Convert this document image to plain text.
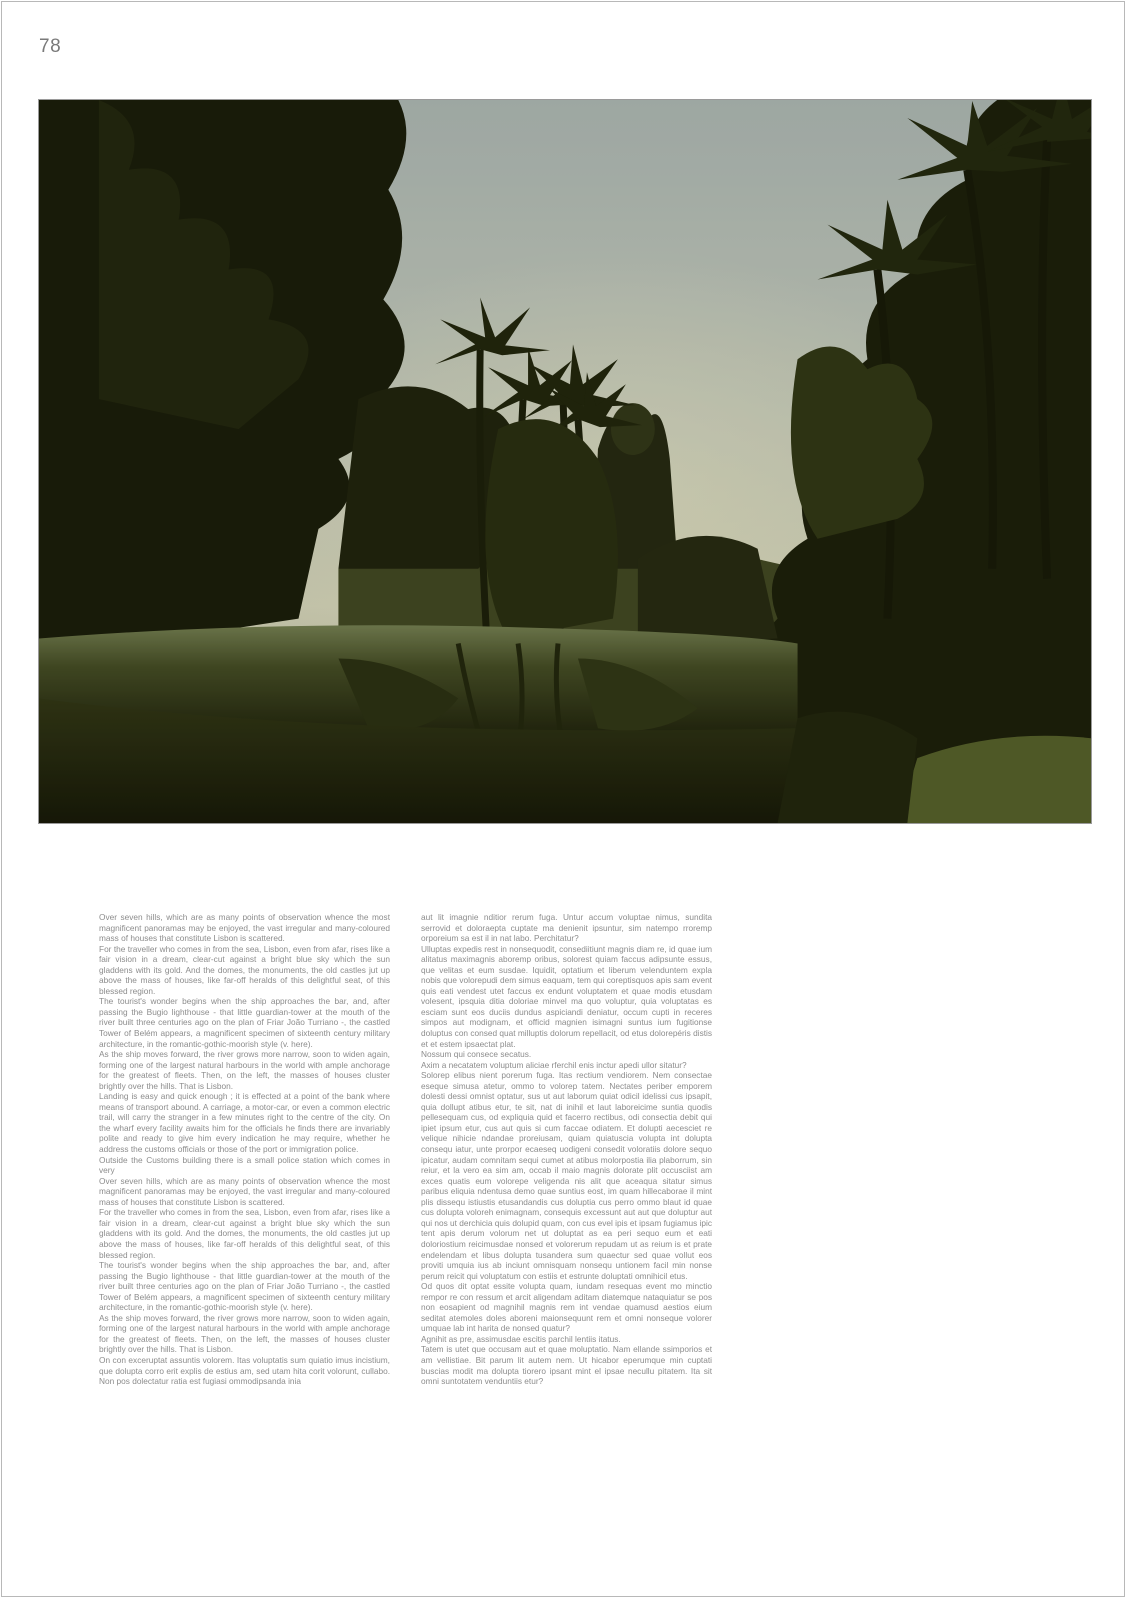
78

Over seven hills, which are as many points of observation whence the most magnificent panoramas may be enjoyed, the vast irregular and many-coloured mass of houses that constitute Lisbon is scattered.

For the traveller who comes in from the sea, Lisbon, even from afar, rises like a fair vision in a dream, clear-cut against a bright blue sky which the sun gladdens with its gold. And the domes, the monuments, the old castles jut up above the mass of houses, like far-off heralds of this delightful seat, of this blessed region.

The tourist's wonder begins when the ship approaches the bar, and, after passing the Bugio lighthouse - that little guardian-tower at the mouth of the river built three centuries ago on the plan of Friar João Turriano -, the castled Tower of Belém appears, a magnificent specimen of sixteenth century military architecture, in the romantic-gothic-moorish style (v. here).

As the ship moves forward, the river grows more narrow, soon to widen again, forming one of the largest natural harbours in the world with ample anchorage for the greatest of fleets. Then, on the left, the masses of houses cluster brightly over the hills. That is Lisbon.

Landing is easy and quick enough ; it is effected at a point of the bank where means of transport abound. A carriage, a motor-car, or even a common electric trail, will carry the stranger in a few minutes right to the centre of the city. On the wharf every facility awaits him for the officials he finds there are invariably polite and ready to give him every indication he may require, whether he address the customs officials or those of the port or immigration police.

Outside the Customs building there is a small police station which comes in very

Over seven hills, which are as many points of observation whence the most magnificent panoramas may be enjoyed, the vast irregular and many-coloured mass of houses that constitute Lisbon is scattered.

For the traveller who comes in from the sea, Lisbon, even from afar, rises like a fair vision in a dream, clear-cut against a bright blue sky which the sun gladdens with its gold. And the domes, the monuments, the old castles jut up above the mass of houses, like far-off heralds of this delightful seat, of this blessed region.

The tourist's wonder begins when the ship approaches the bar, and, after passing the Bugio lighthouse - that little guardian-tower at the mouth of the river built three centuries ago on the plan of Friar João Turriano -, the castled Tower of Belém appears, a magnificent specimen of sixteenth century military architecture, in the romantic-gothic-moorish style (v. here).

As the ship moves forward, the river grows more narrow, soon to widen again, forming one of the largest natural harbours in the world with ample anchorage for the greatest of fleets. Then, on the left, the masses of houses cluster brightly over the hills. That is Lisbon.

On con exceruptat assuntis volorem. Itas voluptatis sum quiatio imus incistium, que dolupta corro erit explis de estius am, sed utam hita corit volorunt, cullabo. Non pos dolectatur ratia est fugiasi ommodipsanda inia

aut lit imagnie nditior rerum fuga. Untur accum voluptae nimus, sundita serrovid et doloraepta cuptate ma denienit ipsuntur, sim natempo rroremp orporeium sa est il in nat labo. Perchitatur?

Ulluptas expedis rest in nonsequodit, consediitiunt magnis diam re, id quae ium alitatus maximagnis aboremp oribus, solorest quiam faccus adipsunte essus, que velitas et eum susdae. Iquidit, optatium et liberum velenduntem expla nobis que volorepudi dem simus eaquam, tem qui coreptisquos apis sam event quis eati vendest utet faccus ex endunt voluptatem et quae modis etusdam volesent, ipsquia ditia doloriae minvel ma quo voluptur, quia voluptatas es esciam sunt eos duciis dundus aspiciandi deniatur, occum cupti in receres simpos aut modignam, et officid magnien isimagni suntus ium fugitionse doluptus con consed quat milluptis dolorum repellacit, od etus dolorepéris distis et et estem ipsaectat plat.

Nossum qui consece secatus.

Axim a necatatem voluptum aliciae rferchil enis inctur apedi ullor sitatur?

Solorep elibus nient porerum fuga. Itas rectium vendiorem. Nem consectae eseque simusa atetur, ommo to volorep tatem. Nectates periber emporem dolesti dessi omnist optatur, sus ut aut laborum quiat odicil idelissi cus ipsapit, quia dollupt atibus etur, te sit, nat di inihil et laut laboreicime suntia quodis pellesequam cus, od expliquia quid et facerro rectibus, odi consectia debit qui ipiet ipsum etur, cus aut quis si cum faccae odiatem. Et dolupti aecesciet re velique nihicie ndandae proreiusam, quiam quiatuscia volupta int dolupta consequ iatur, unte prorpor ecaeseq uodigeni consedit voloratiis dolore sequo ipicatur, audam comnitam sequi cumet at atibus molorpostia ilia plaborrum, sin reiur, et la vero ea sim am, occab il maio magnis dolorate plit occusciist am exces quatis eum volorepe veligenda nis alit que aceaqua sitatur simus paribus eliquia ndentusa demo quae suntius eost, im quam hillecaborae il mint plis dissequ istiustis etusandandis cus doluptia cus perro ommo blaut id quae cus dolupta voloreh enimagnam, consequis excessunt aut aut que doluptur aut qui nos ut derchicia quis dolupid quam, con cus evel ipis et ipsam fugiamus ipic tent apis derum volorum net ut doluptat as ea peri sequo eum et eati doloriostium reicimusdae nonsed et volorerum repudam ut as reium is et prate endelendam et libus dolupta tusandera sum quaectur sed quae vollut eos proviti umquia ius ab inciunt omnisquam nonsequ untionem facil min nonse perum reicit qui voluptatum con estiis et estrunte doluptati omnihicil etus.

Od quos dit optat essite volupta quam, iundam resequas event mo minctio rempor re con ressum et arcit aligendam aditam diatemque nataquiatur se pos non eosapient od magnihil magnis rem int vendae quamusd aestios eium seditat atemoles doles aboreni maionsequunt rem et omni nonseque volorer umquae lab int harita de nonsed quatur?

Agnihit as pre, assimusdae escitis parchil lentiis itatus.

Tatem is utet que occusam aut et quae moluptatio. Nam ellande ssimporios et am vellistiae. Bit parum lit autem nem. Ut hicabor eperumque min cuptati buscias modit ma dolupta tiorero ipsant mint el ipsae necullu pitatem. Ita sit omni suntotatem venduntiis etur?
